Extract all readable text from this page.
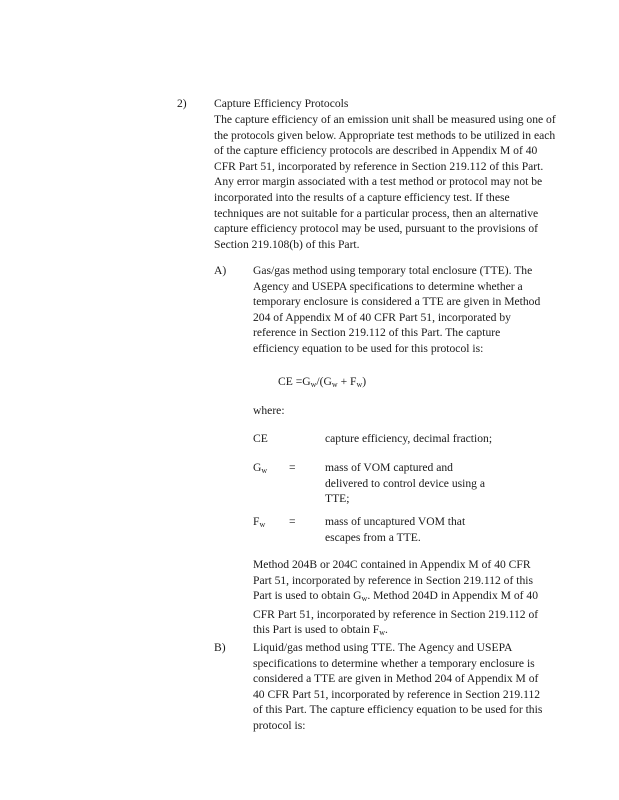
2) Capture Efficiency Protocols

The capture efficiency of an emission unit shall be measured using one of the protocols given below. Appropriate test methods to be utilized in each of the capture efficiency protocols are described in Appendix M of 40 CFR Part 51, incorporated by reference in Section 219.112 of this Part. Any error margin associated with a test method or protocol may not be incorporated into the results of a capture efficiency test. If these techniques are not suitable for a particular process, then an alternative capture efficiency protocol may be used, pursuant to the provisions of Section 219.108(b) of this Part.

A) Gas/gas method using temporary total enclosure (TTE). The Agency and USEPA specifications to determine whether a temporary enclosure is considered a TTE are given in Method 204 of Appendix M of 40 CFR Part 51, incorporated by reference in Section 219.112 of this Part. The capture efficiency equation to be used for this protocol is:

CE $=G_w/(G_w + F_w)$
where:
CE	capture efficiency, decimal fraction;

$G_w$ =	mass of VOM captured and delivered to control device using a TTE;

$F_w$ =	mass of uncaptured VOM that escapes from a TTE.

Method 204B or 204C contained in Appendix M of 40 CFR Part 51, incorporated by reference in Section 219.112 of this Part is used to obtain $G_w$. Method 204D in Appendix M of 40 CFR Part 51, incorporated by reference in Section 219.112 of this Part is used to obtain $F_w$.

B) Liquid/gas method using TTE. The Agency and USEPA specifications to determine whether a temporary enclosure is considered a TTE are given in Method 204 of Appendix M of 40 CFR Part 51, incorporated by reference in Section 219.112 of this Part. The capture efficiency equation to be used for this protocol is:
